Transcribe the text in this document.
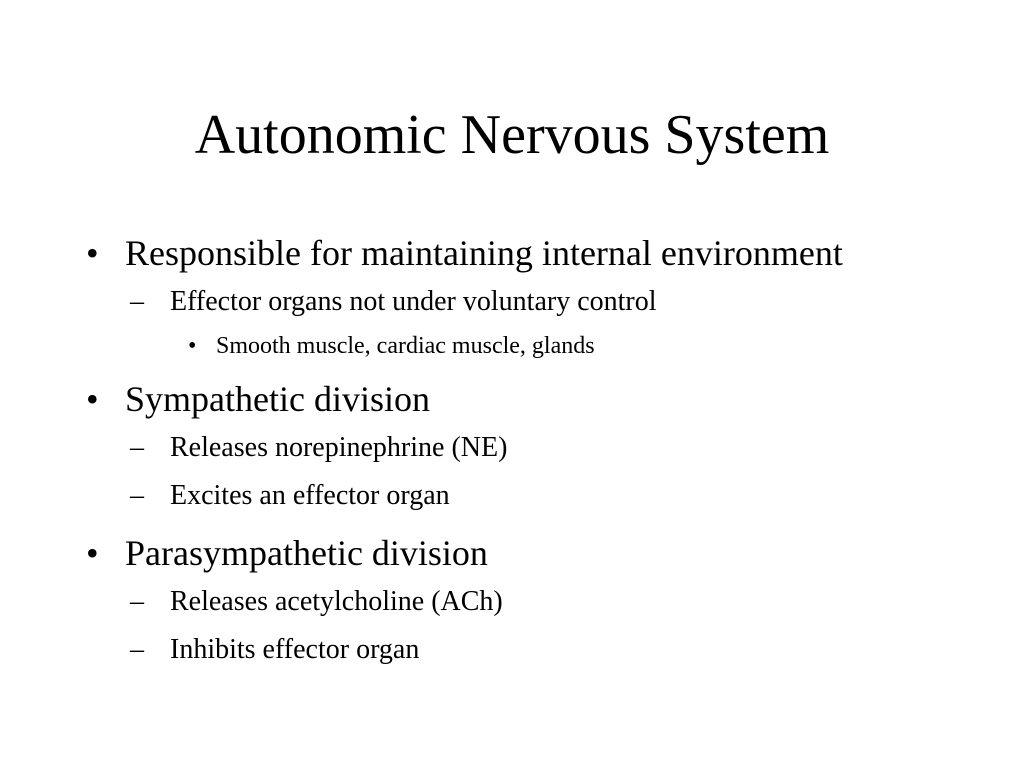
Autonomic Nervous System
• Responsible for maintaining internal environment
– Effector organs not under voluntary control
• Smooth muscle, cardiac muscle, glands
• Sympathetic division
– Releases norepinephrine (NE)
– Excites an effector organ
• Parasympathetic division
– Releases acetylcholine (ACh)
– Inhibits effector organ
